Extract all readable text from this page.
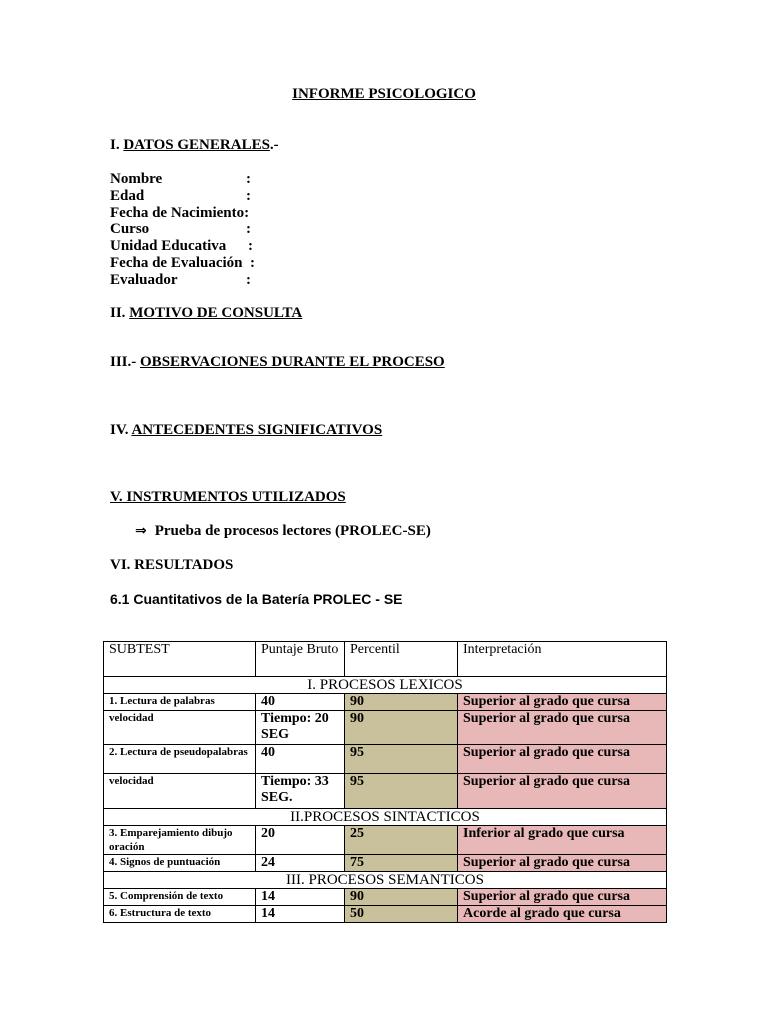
INFORME PSICOLOGICO
I. DATOS GENERALES.-
Nombre	:
Edad	:
Fecha de Nacimiento :
Curso	:
Unidad Educativa	:
Fecha de Evaluación :
Evaluador	:
II. MOTIVO DE CONSULTA
III.- OBSERVACIONES DURANTE EL PROCESO
IV. ANTECEDENTES SIGNIFICATIVOS
V. INSTRUMENTOS UTILIZADOS
⇒ Prueba de procesos lectores (PROLEC-SE)
VI. RESULTADOS
6.1 Cuantitativos de la Batería PROLEC - SE
SUBTEST	Puntaje Bruto	Percentil	Interpretación
I. PROCESOS LEXICOS			
1. Lectura de palabras	40	90	Superior al grado que cursa
velocidad	Tiempo: 20 SEG	90	Superior al grado que cursa

2. Lectura de pseudopalabras	40	95	Superior al grado que cursa
velocidad	Tiempo: 33 SEG.	95	Superior al grado que cursa
II.PROCESOS SINTACTICOS			
3. Emparejamiento dibujo oración	20	25	Inferior al grado que cursa
4. Signos de puntuación	24	75	Superior al grado que cursa
III. PROCESOS SEMANTICOS			
5. Comprensión de texto	14	90	Superior al grado que cursa
6. Estructura de texto	14	50	Acorde al grado que cursa
